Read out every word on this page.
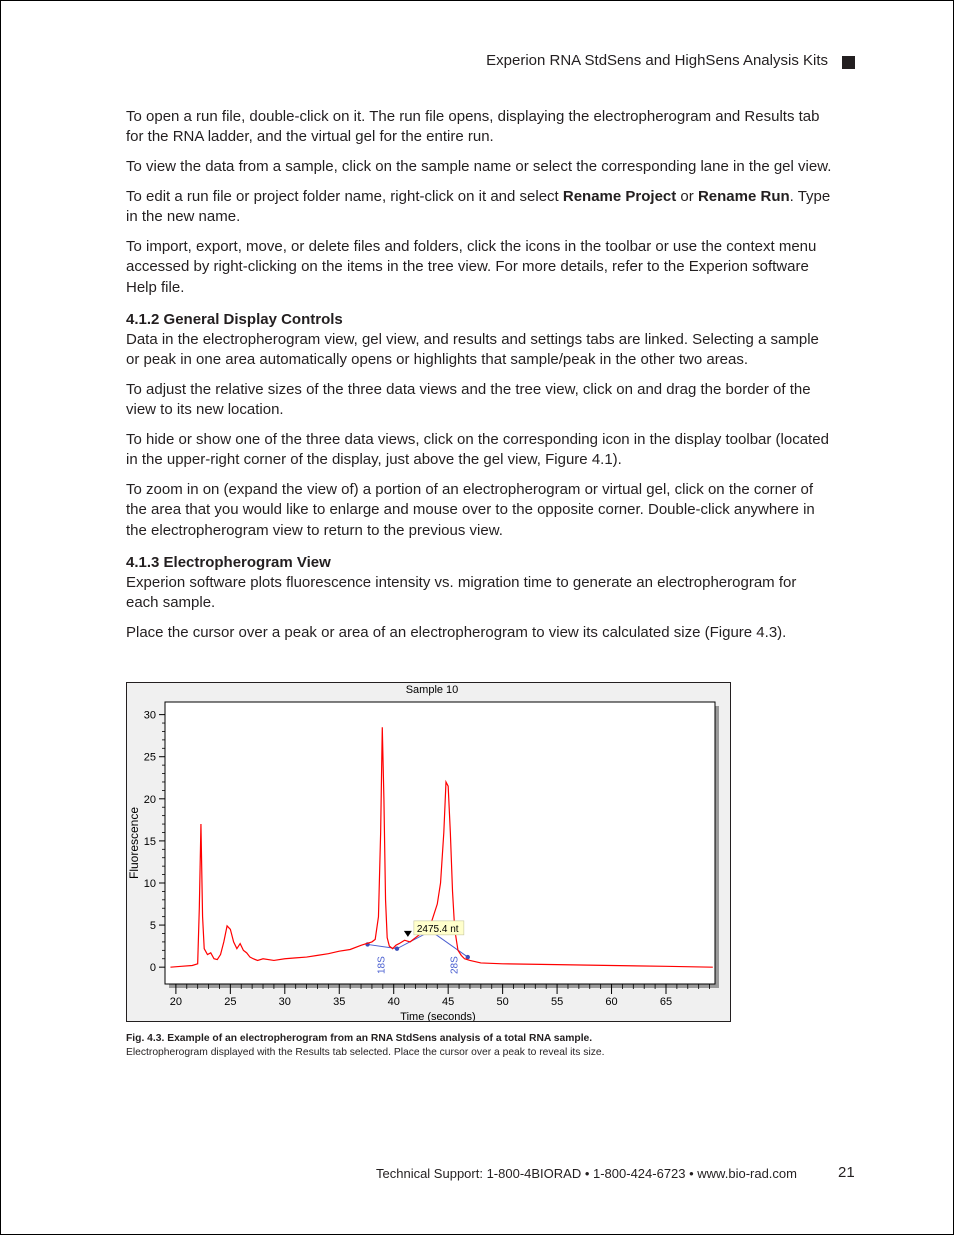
Experion RNA StdSens and HighSens Analysis Kits

To open a run file, double-click on it. The run file opens, displaying the electropherogram and Results tab for the RNA ladder, and the virtual gel for the entire run.

To view the data from a sample, click on the sample name or select the corresponding lane in the gel view.

To edit a run file or project folder name, right-click on it and select Rename Project or Rename Run. Type in the new name.

To import, export, move, or delete files and folders, click the icons in the toolbar or use the context menu accessed by right-clicking on the items in the tree view. For more details, refer to the Experion software Help file.

4.1.2 General Display Controls

Data in the electropherogram view, gel view, and results and settings tabs are linked. Selecting a sample or peak in one area automatically opens or highlights that sample/peak in the other two areas.

To adjust the relative sizes of the three data views and the tree view, click on and drag the border of the view to its new location.

To hide or show one of the three data views, click on the corresponding icon in the display toolbar (located in the upper-right corner of the display, just above the gel view, Figure 4.1).

To zoom in on (expand the view of) a portion of an electropherogram or virtual gel, click on the corner of the area that you would like to enlarge and mouse over to the opposite corner. Double-click anywhere in the electropherogram view to return to the previous view.

4.1.3 Electropherogram View

Experion software plots fluorescence intensity vs. migration time to generate an electropherogram for each sample.

Place the cursor over a peak or area of an electropherogram to view its calculated size (Figure 4.3).

0
5
10
15
20
25
30
20	25	30	35	40	45	50	55	60	65
18S	28S
2475.4 nt
Sample 10
Time (seconds)
Fluorescence
Fig. 4.3. Example of an electropherogram from an RNA StdSens analysis of a total RNA sample.
Electropherogram displayed with the Results tab selected. Place the cursor over a peak to reveal its size.
Technical Support: 1-800-4BIORAD • 1-800-424-6723 • www.bio-rad.com	21
